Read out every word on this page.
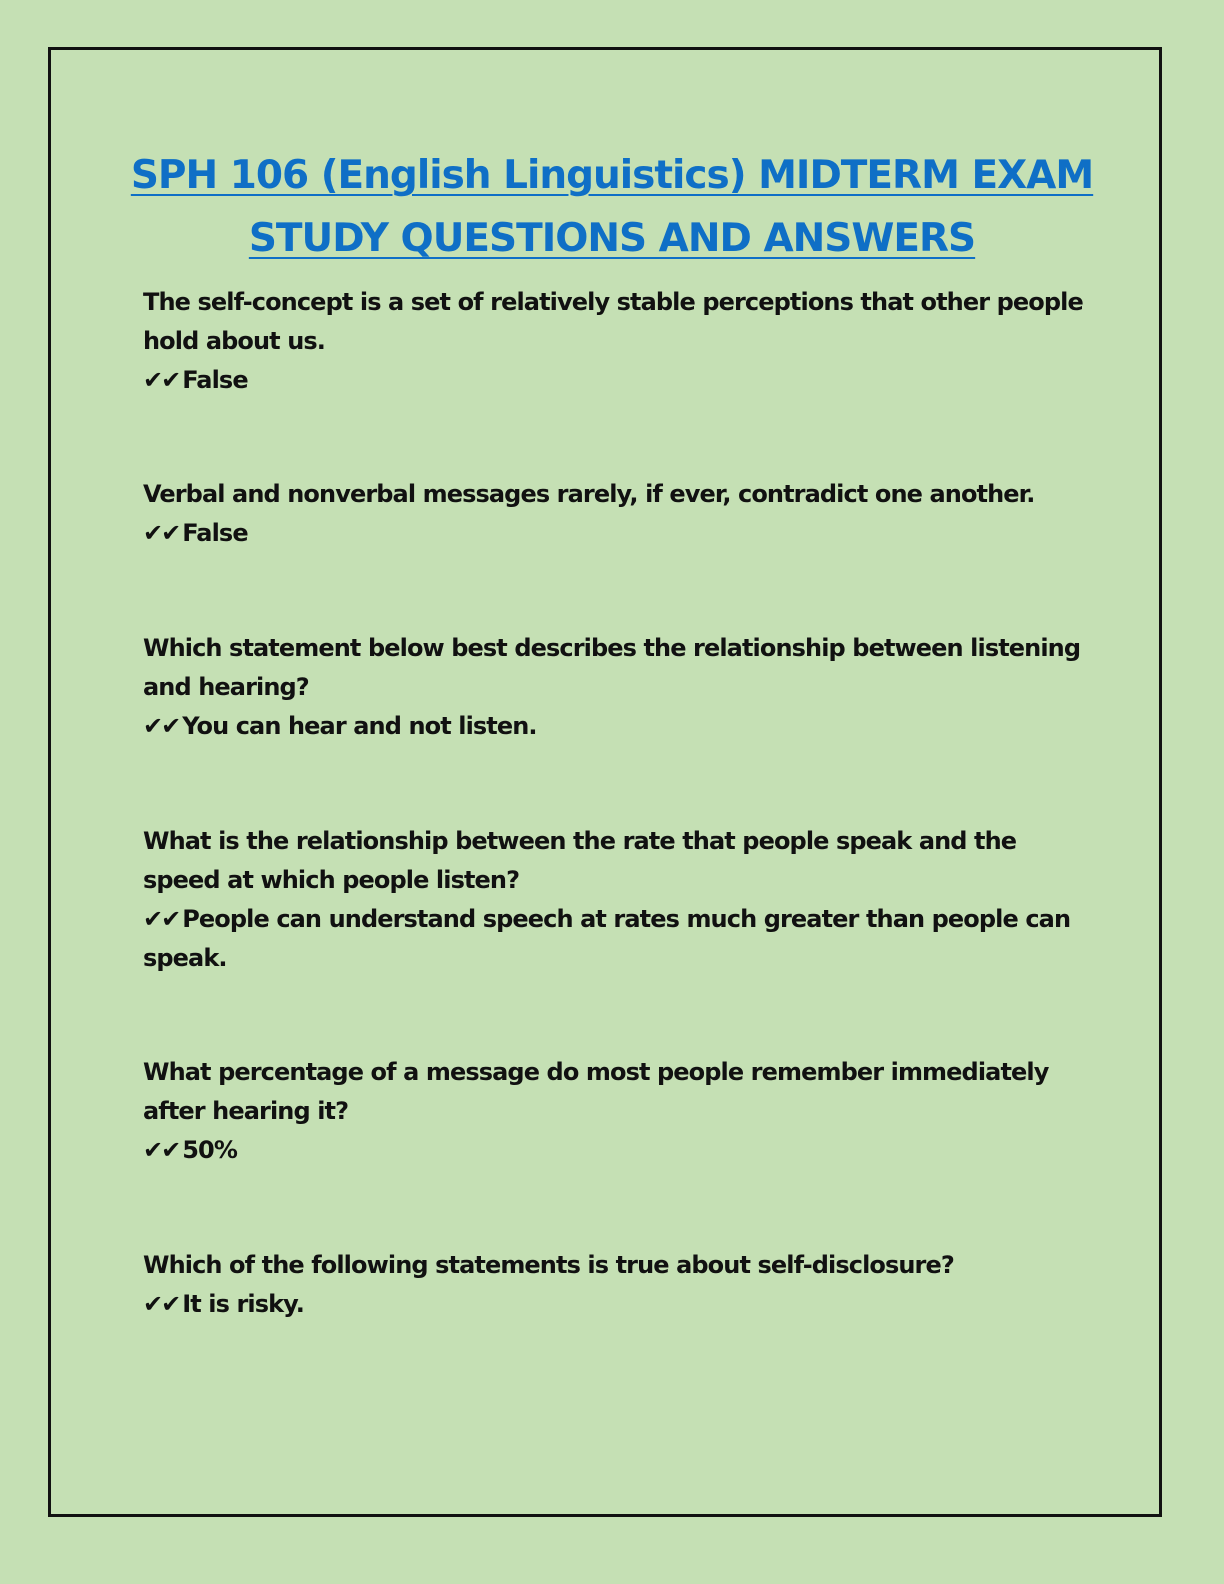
SPH 106 (English Linguistics) MIDTERM EXAM
STUDY QUESTIONS AND ANSWERS
The self-concept is a set of relatively stable perceptions that other people hold about us.
✔✔ False
Verbal and nonverbal messages rarely, if ever, contradict one another.
✔✔ False
Which statement below best describes the relationship between listening and hearing?
✔✔ You can hear and not listen.
What is the relationship between the rate that people speak and the speed at which people listen?
✔✔ People can understand speech at rates much greater than people can speak.
What percentage of a message do most people remember immediately after hearing it?
✔✔ 50%
Which of the following statements is true about self-disclosure?
✔✔ It is risky.
